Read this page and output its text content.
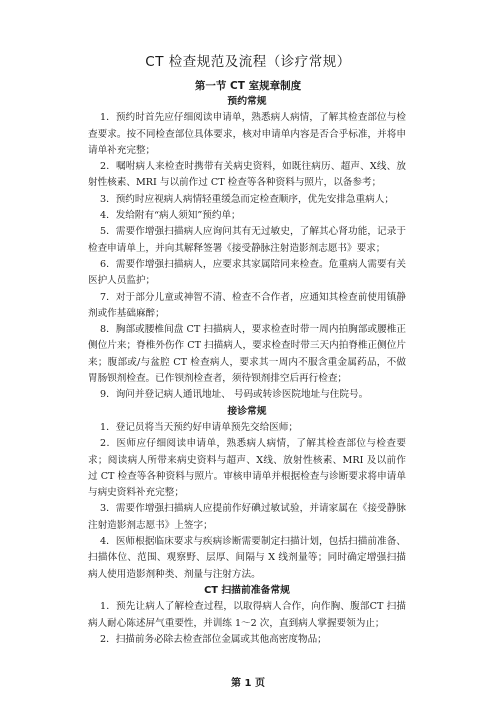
CT 检查规范及流程（诊疗常规）
第一节 CT 室规章制度
预约常规
1．预约时首先应仔细阅读申请单，熟悉病人病情，了解其检查部位与检查要求。按不同检查部位具体要求，核对申请单内容是否合乎标准，并将申请单补充完整；
2．嘱咐病人来检查时携带有关病史资料，如既往病历、超声、X线、放射性核素、MRI 与以前作过 CT 检查等各种资料与照片，以备参考；
3．预约时应视病人病情轻重缓急而定检查顺序，优先安排急重病人；
4．发给附有“病人须知”预约单；
5．需要作增强扫描病人应询问其有无过敏史，了解其心肾功能，记录于检查申请单上，并向其解释签署《接受静脉注射造影剂志愿书》要求；
6．需要作增强扫描病人，应要求其家属陪同来检查。危重病人需要有关医护人员监护；
7．对于部分儿童或神智不清、检查不合作者，应通知其检查前使用镇静剂或作基础麻醉；
8．胸部或腰椎间盘 CT 扫描病人，要求检查时带一周内拍胸部或腰椎正侧位片来；脊椎外伤作 CT 扫描病人，要求检查时带三天内拍脊椎正侧位片来；腹部或/与盆腔 CT 检查病人，要求其一周内不服含重金属药品，不做胃肠钡剂检查。已作钡剂检查者，须待钡剂排空后再行检查；
9．询问并登记病人通讯地址、 号码或转诊医院地址与住院号。
接诊常规
1．登记员将当天预约好申请单预先交给医师；
2．医师应仔细阅读申请单，熟悉病人病情，了解其检查部位与检查要求；阅读病人所带来病史资料与超声、X线、放射性核素、MRI 及以前作过 CT 检查等各种资料与照片。审核申请单并根据检查与诊断要求将申请单与病史资料补充完整；
3．需要作增强扫描病人应提前作好碘过敏试验，并请家属在《接受静脉注射造影剂志愿书》上签字；
4．医师根据临床要求与疾病诊断需要制定扫描计划，包括扫描前准备、扫描体位、范围、观察野、层厚、间隔与 X 线剂量等；同时确定增强扫描病人使用造影剂种类、剂量与注射方法。
CT 扫描前准备常规
1．预先让病人了解检查过程，以取得病人合作，向作胸、腹部CT 扫描病人耐心陈述屏气重要性，并训练 1～2 次，直到病人掌握要领为止；
2．扫描前务必除去检查部位金属或其他高密度物品；
第 1 页
